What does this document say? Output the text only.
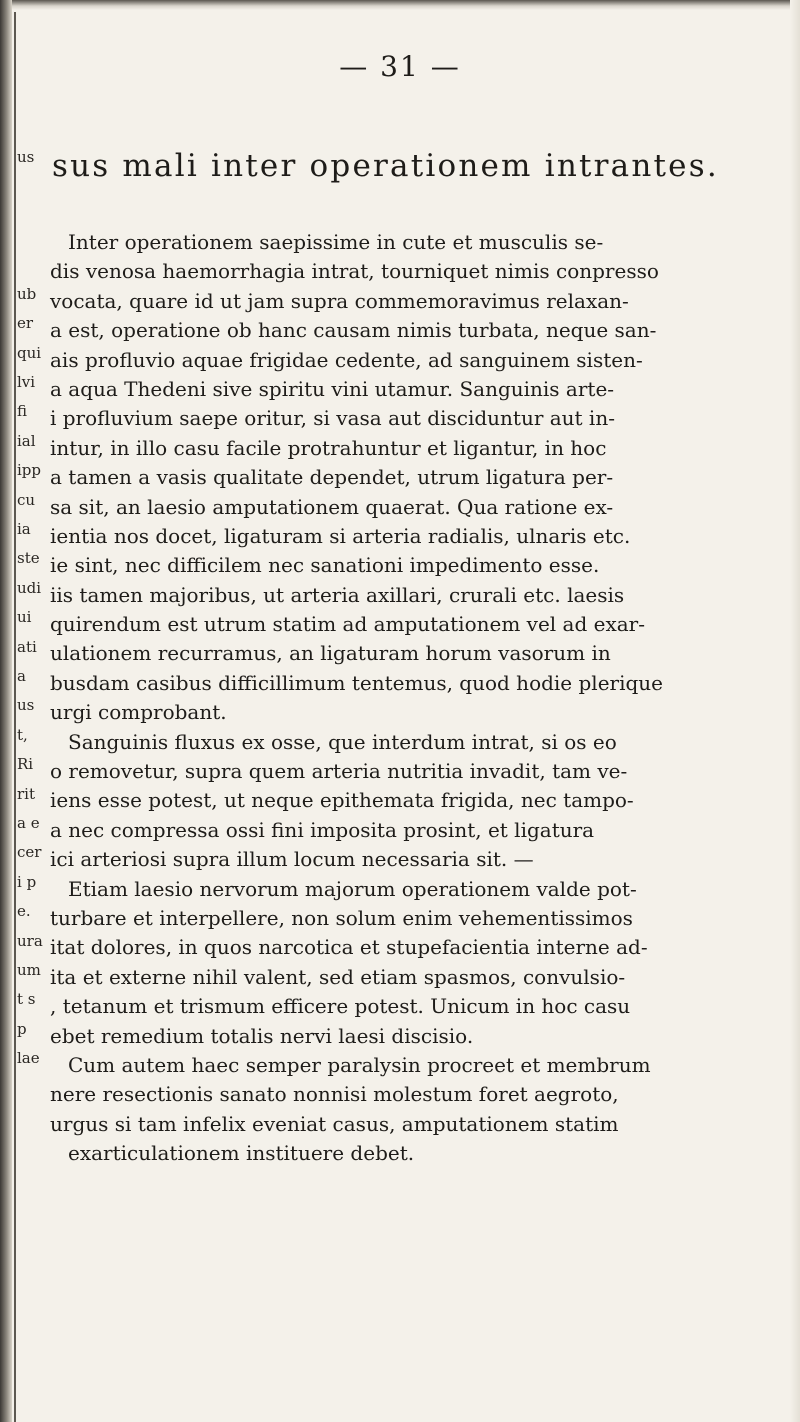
us
ub
er
qui
lvi
fi
ial
ipp
cu
ia
ste
udi
ui
ati
a
us
t,
Ri
rit
a e
cer
i p
e.
ura
um
t s
p
lae
— 31 —
sus mali inter operationem intrantes.
Inter operationem saepissime in cute et musculis se-
dis venosa haemorrhagia intrat, tourniquet nimis conpresso
vocata, quare id ut jam supra commemoravimus relaxan-
a est, operatione ob hanc causam nimis turbata, neque san-
ais profluvio aquae frigidae cedente, ad sanguinem sisten-
a aqua Thedeni sive spiritu vini utamur. Sanguinis arte-
i profluvium saepe oritur, si vasa aut disciduntur aut in-
intur, in illo casu facile protrahuntur et ligantur, in hoc
a tamen a vasis qualitate dependet, utrum ligatura per-
sa sit, an laesio amputationem quaerat. Qua ratione ex-
ientia nos docet, ligaturam si arteria radialis, ulnaris etc.
ie sint, nec difficilem nec sanationi impedimento esse.
iis tamen majoribus, ut arteria axillari, crurali etc. laesis
quirendum est utrum statim ad amputationem vel ad exar-
ulationem recurramus, an ligaturam horum vasorum in
busdam casibus difficillimum tentemus, quod hodie plerique
urgi comprobant.
Sanguinis fluxus ex osse, que interdum intrat, si os eo
o removetur, supra quem arteria nutritia invadit, tam ve-
iens esse potest, ut neque epithemata frigida, nec tampo-
a nec compressa ossi fini imposita prosint, et ligatura
ici arteriosi supra illum locum necessaria sit. —
Etiam laesio nervorum majorum operationem valde pot-
turbare et interpellere, non solum enim vehementissimos
itat dolores, in quos narcotica et stupefacientia interne ad-
ita et externe nihil valent, sed etiam spasmos, convulsio-
, tetanum et trismum efficere potest. Unicum in hoc casu
ebet remedium totalis nervi laesi discisio.
Cum autem haec semper paralysin procreet et membrum
nere resectionis sanato nonnisi molestum foret aegroto,
urgus si tam infelix eveniat casus, amputationem statim
exarticulationem instituere debet.
